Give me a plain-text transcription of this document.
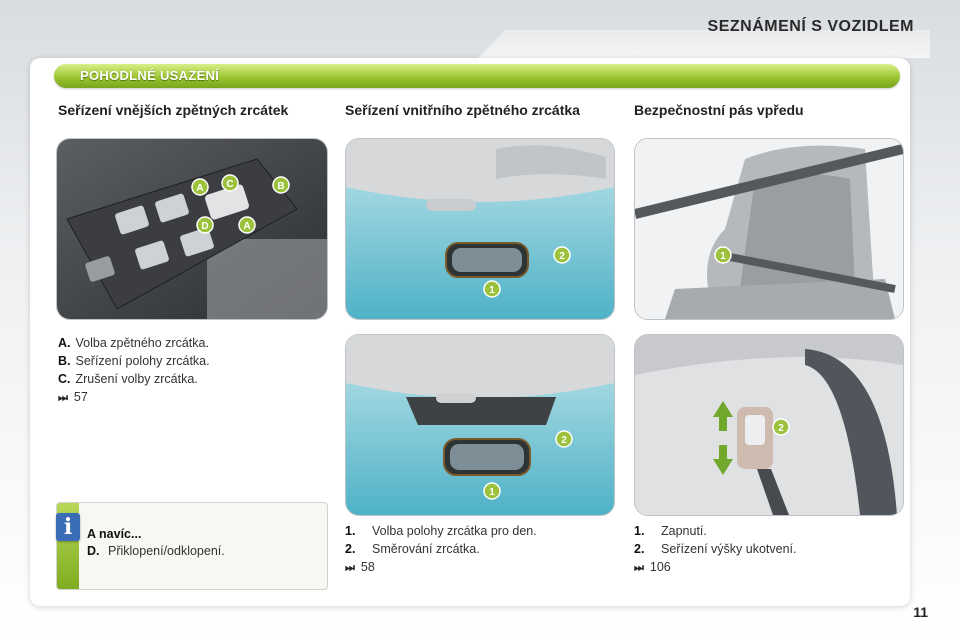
SEZNÁMENÍ S VOZIDLEM
POHODLNÉ USAZENÍ
Seřízení vnějších zpětných zrcátek	Seřízení vnitřního zpětného zrcátka	Bezpečnostní pás vpředu
A C	B
D	A
1
2	1
1
2
2
A. Volba zpětného zrcátka.
B. Seřízení polohy zrcátka.
C. Zrušení volby zrcátka.
⏭ 57
1.	Volba polohy zrcátka pro den.
2.	Směrování zrcátka.
⏭ 58
1.	Zapnutí.
2.	Seřízení výšky ukotvení.
⏭ 106
i	A navíc...
D. Přiklopení/odklopení.
11
